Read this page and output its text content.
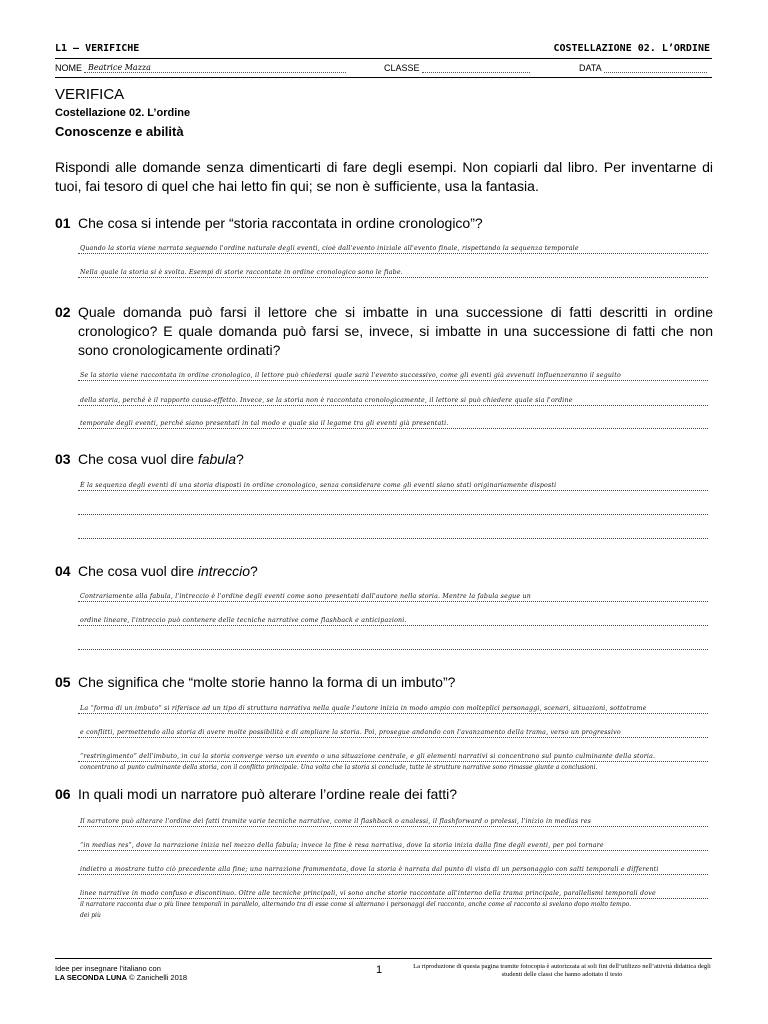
L1 – VERIFICHE	COSTELLAZIONE 02. L’ORDINE
NOME Beatrice Mazza	CLASSE	DATA
VERIFICA
Costellazione 02. L’ordine
Conoscenze e abilità
Rispondi alle domande senza dimenticarti di fare degli esempi. Non copiarli dal libro. Per inventarne di tuoi, fai tesoro di quel che hai letto fin qui; se non è sufficiente, usa la fantasia.
01 Che cosa si intende per “storia raccontata in ordine cronologico”?
Quando la storia viene narrata seguendo l'ordine naturale degli eventi, cioè dall'evento iniziale all'evento finale, rispettando la sequenza temporale
Nella quale la storia si è svolta. Esempi di storie raccontate in ordine cronologico sono le fiabe.
02 Quale domanda può farsi il lettore che si imbatte in una successione di fatti descritti in ordine cronologico? E quale domanda può farsi se, invece, si imbatte in una successione di fatti che non sono cronologicamente ordinati?
Se la storia viene raccontata in ordine cronologico, il lettore può chiedersi quale sarà l'evento successivo, come gli eventi già avvenuti influenzeranno il seguito
della storia, perché è il rapporto causa-effetto. Invece, se la storia non è raccontata cronologicamente, il lettore si può chiedere quale sia l'ordine
temporale degli eventi, perché siano presentati in tal modo e quale sia il legame tra gli eventi già presentati.
03 Che cosa vuol dire fabula?
È la sequenza degli eventi di una storia disposti in ordine cronologico, senza considerare come gli eventi siano stati originariamente disposti
04 Che cosa vuol dire intreccio?
Contrariamente alla fabula, l'intreccio è l'ordine degli eventi come sono presentati dall'autore nella storia. Mentre la fabula segue un
ordine lineare, l'intreccio può contenere delle tecniche narrative come flashback e anticipazioni.
05 Che significa che “molte storie hanno la forma di un imbuto”?
La “forma di un imbuto” si riferisce ad un tipo di struttura narrativa nella quale l'autore inizia in modo ampio con molteplici personaggi, scenari, situazioni, sottotrame
e conflitti, permettendo alla storia di avere molte possibilità e di ampliare la storia. Poi, prosegue andando con l'avanzamento della trama, verso un progressivo
“restringimento” dell'imbuto, in cui la storia converge verso un evento o una situazione centrale, e gli elementi narrativi si concentrano sul punto culminante della storia.
concentrano al punto culminante della storia, con il conflitto principale. Una volta che la storia si conclude, tutte le strutture narrative sono rimasse giunte a conclusioni.
06 In quali modi un narratore può alterare l’ordine reale dei fatti?
Il narratore può alterare l'ordine dei fatti tramite varie tecniche narrative, come il flashback o analessi, il flashforward o prolessi, l'inizio in medias res
“in medias res”, dove la narrazione inizia nel mezzo della fabula; invece la fine è resa narrativa, dove la storia inizia dalla fine degli eventi, per poi tornare
indietro a mostrare tutto ciò precedente alla fine; una narrazione frammentata, dove la storia è narrata dal punto di vista di un personaggio con salti temporali e differenti
linee narrative in modo confuso e discontinuo. Oltre alle tecniche principali, vi sono anche storie raccontate all'interno della trama principale, parallelismi temporali dove
il narratore racconta due o più linee temporali in parallelo, alternando tra di esse come si alternano i personaggi del racconto, anche come al racconto si svelano dopo molto tempo.
dei più
Idee per insegnare l’italiano con
LA SECONDA LUNA © Zanichelli 2018
1	La riproduzione di questa pagina tramite fotocopia è autorizzata ai soli fini dell’utilizzo nell’attività didattica degli studenti delle classi che hanno adottato il testo
